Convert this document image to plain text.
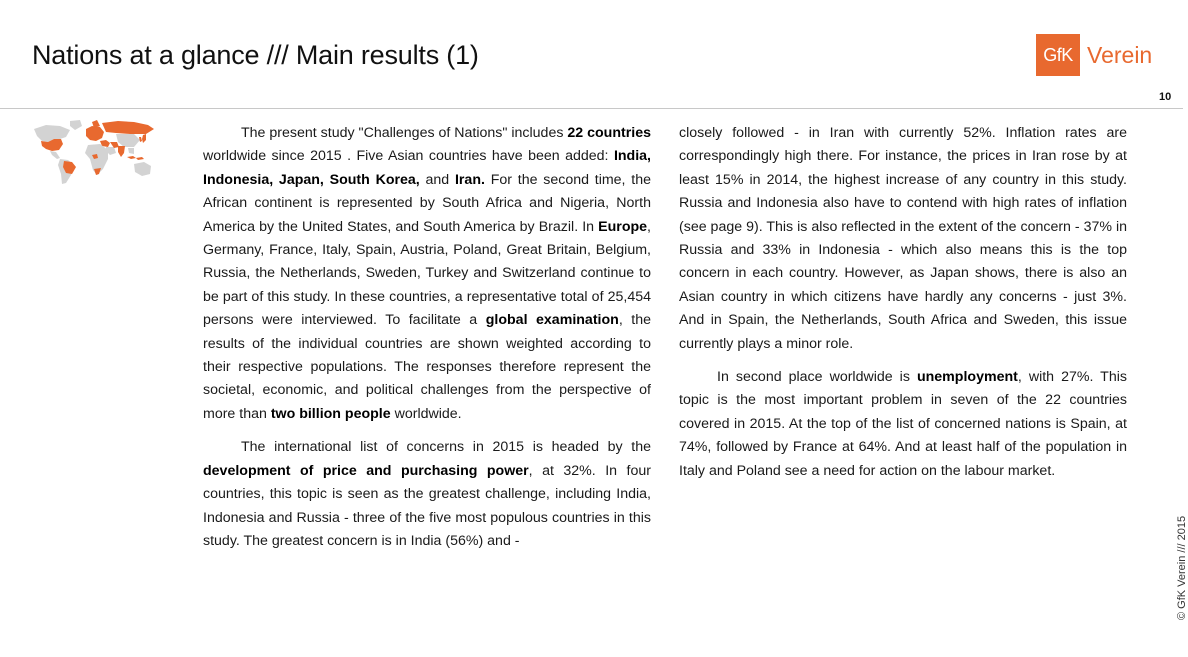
Nations at a glance /// Main results (1)	GfK Verein
10

The present study "Challenges of Nations" includes 22 countries worldwide since 2015 . Five Asian countries have been added: India, Indonesia, Japan, South Korea, and Iran. For the second time, the African continent is represented by South Africa and Nigeria, North America by the United States, and South America by Brazil. In Europe, Germany, France, Italy, Spain, Austria, Poland, Great Britain, Belgium, Russia, the Netherlands, Sweden, Turkey and Switzerland continue to be part of this study. In these countries, a representative total of 25,454 persons were interviewed. To facilitate a global examination, the results of the individual countries are shown weighted according to their respective populations. The responses therefore represent the societal, economic, and political challenges from the perspective of more than two billion people worldwide.

The international list of concerns in 2015 is headed by the development of price and purchasing power, at 32%. In four countries, this topic is seen as the greatest challenge, including India, Indonesia and Russia - three of the five most populous countries in this study. The greatest concern is in India (56%) and -

closely followed - in Iran with currently 52%. Inflation rates are correspondingly high there. For instance, the prices in Iran rose by at least 15% in 2014, the highest increase of any country in this study. Russia and Indonesia also have to contend with high rates of inflation (see page 9). This is also reflected in the extent of the concern - 37% in Russia and 33% in Indonesia - which also means this is the top concern in each country. However, as Japan shows, there is also an Asian country in which citizens have hardly any concerns - just 3%. And in Spain, the Netherlands, South Africa and Sweden, this issue currently plays a minor role.

In second place worldwide is unemployment, with 27%. This topic is the most important problem in seven of the 22 countries covered in 2015. At the top of the list of concerned nations is Spain, at 74%, followed by France at 64%. And at least half of the population in Italy and Poland see a need for action on the labour market.

© GfK Verein /// 2015
